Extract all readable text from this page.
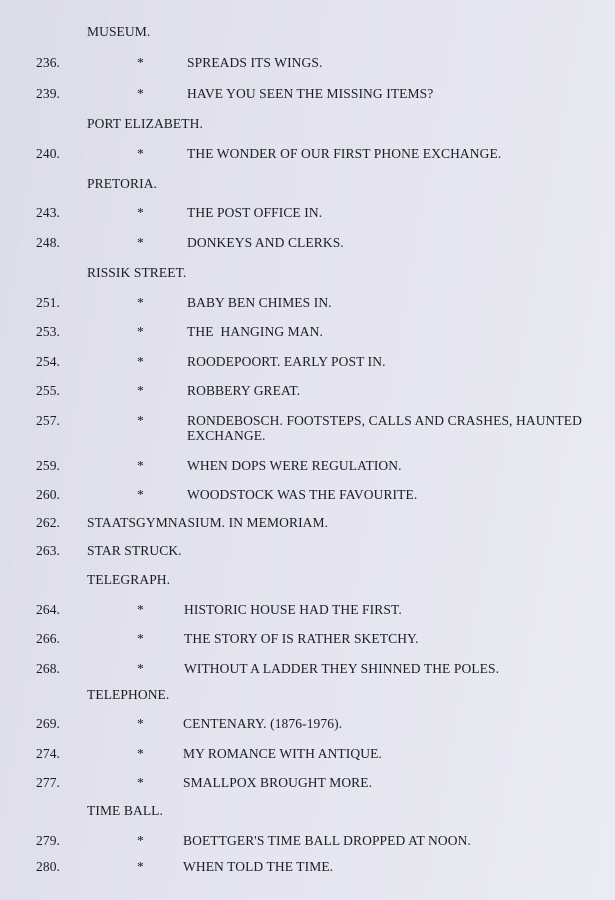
MUSEUM.
236.	*	SPREADS ITS WINGS.
239.	*	HAVE YOU SEEN THE MISSING ITEMS?
PORT ELIZABETH.
240.	*	THE WONDER OF OUR FIRST PHONE EXCHANGE.
PRETORIA.
243.	*	THE POST OFFICE IN.
248.	*	DONKEYS AND CLERKS.
RISSIK STREET.
251.	*	BABY BEN CHIMES IN.
253.	*	THE  HANGING MAN.
254.	*	ROODEPOORT. EARLY POST IN.
255.	*	ROBBERY GREAT.
257.	*	RONDEBOSCH. FOOTSTEPS, CALLS AND CRASHES, HAUNTED EXCHANGE.
259.	*	WHEN DOPS WERE REGULATION.
260.	*	WOODSTOCK WAS THE FAVOURITE.
262. STAATSGYMNASIUM. IN MEMORIAM.
263. STAR STRUCK.
TELEGRAPH.
264.	*	HISTORIC HOUSE HAD THE FIRST.
266.	*	THE STORY OF IS RATHER SKETCHY.
268.	*	WITHOUT A LADDER THEY SHINNED THE POLES.
TELEPHONE.
269.	*	CENTENARY. (1876-1976).
274.	*	MY ROMANCE WITH ANTIQUE.
277.	*	SMALLPOX BROUGHT MORE.
TIME BALL.
279.	*	BOETTGER'S TIME BALL DROPPED AT NOON.
280.	*	WHEN TOLD THE TIME.
